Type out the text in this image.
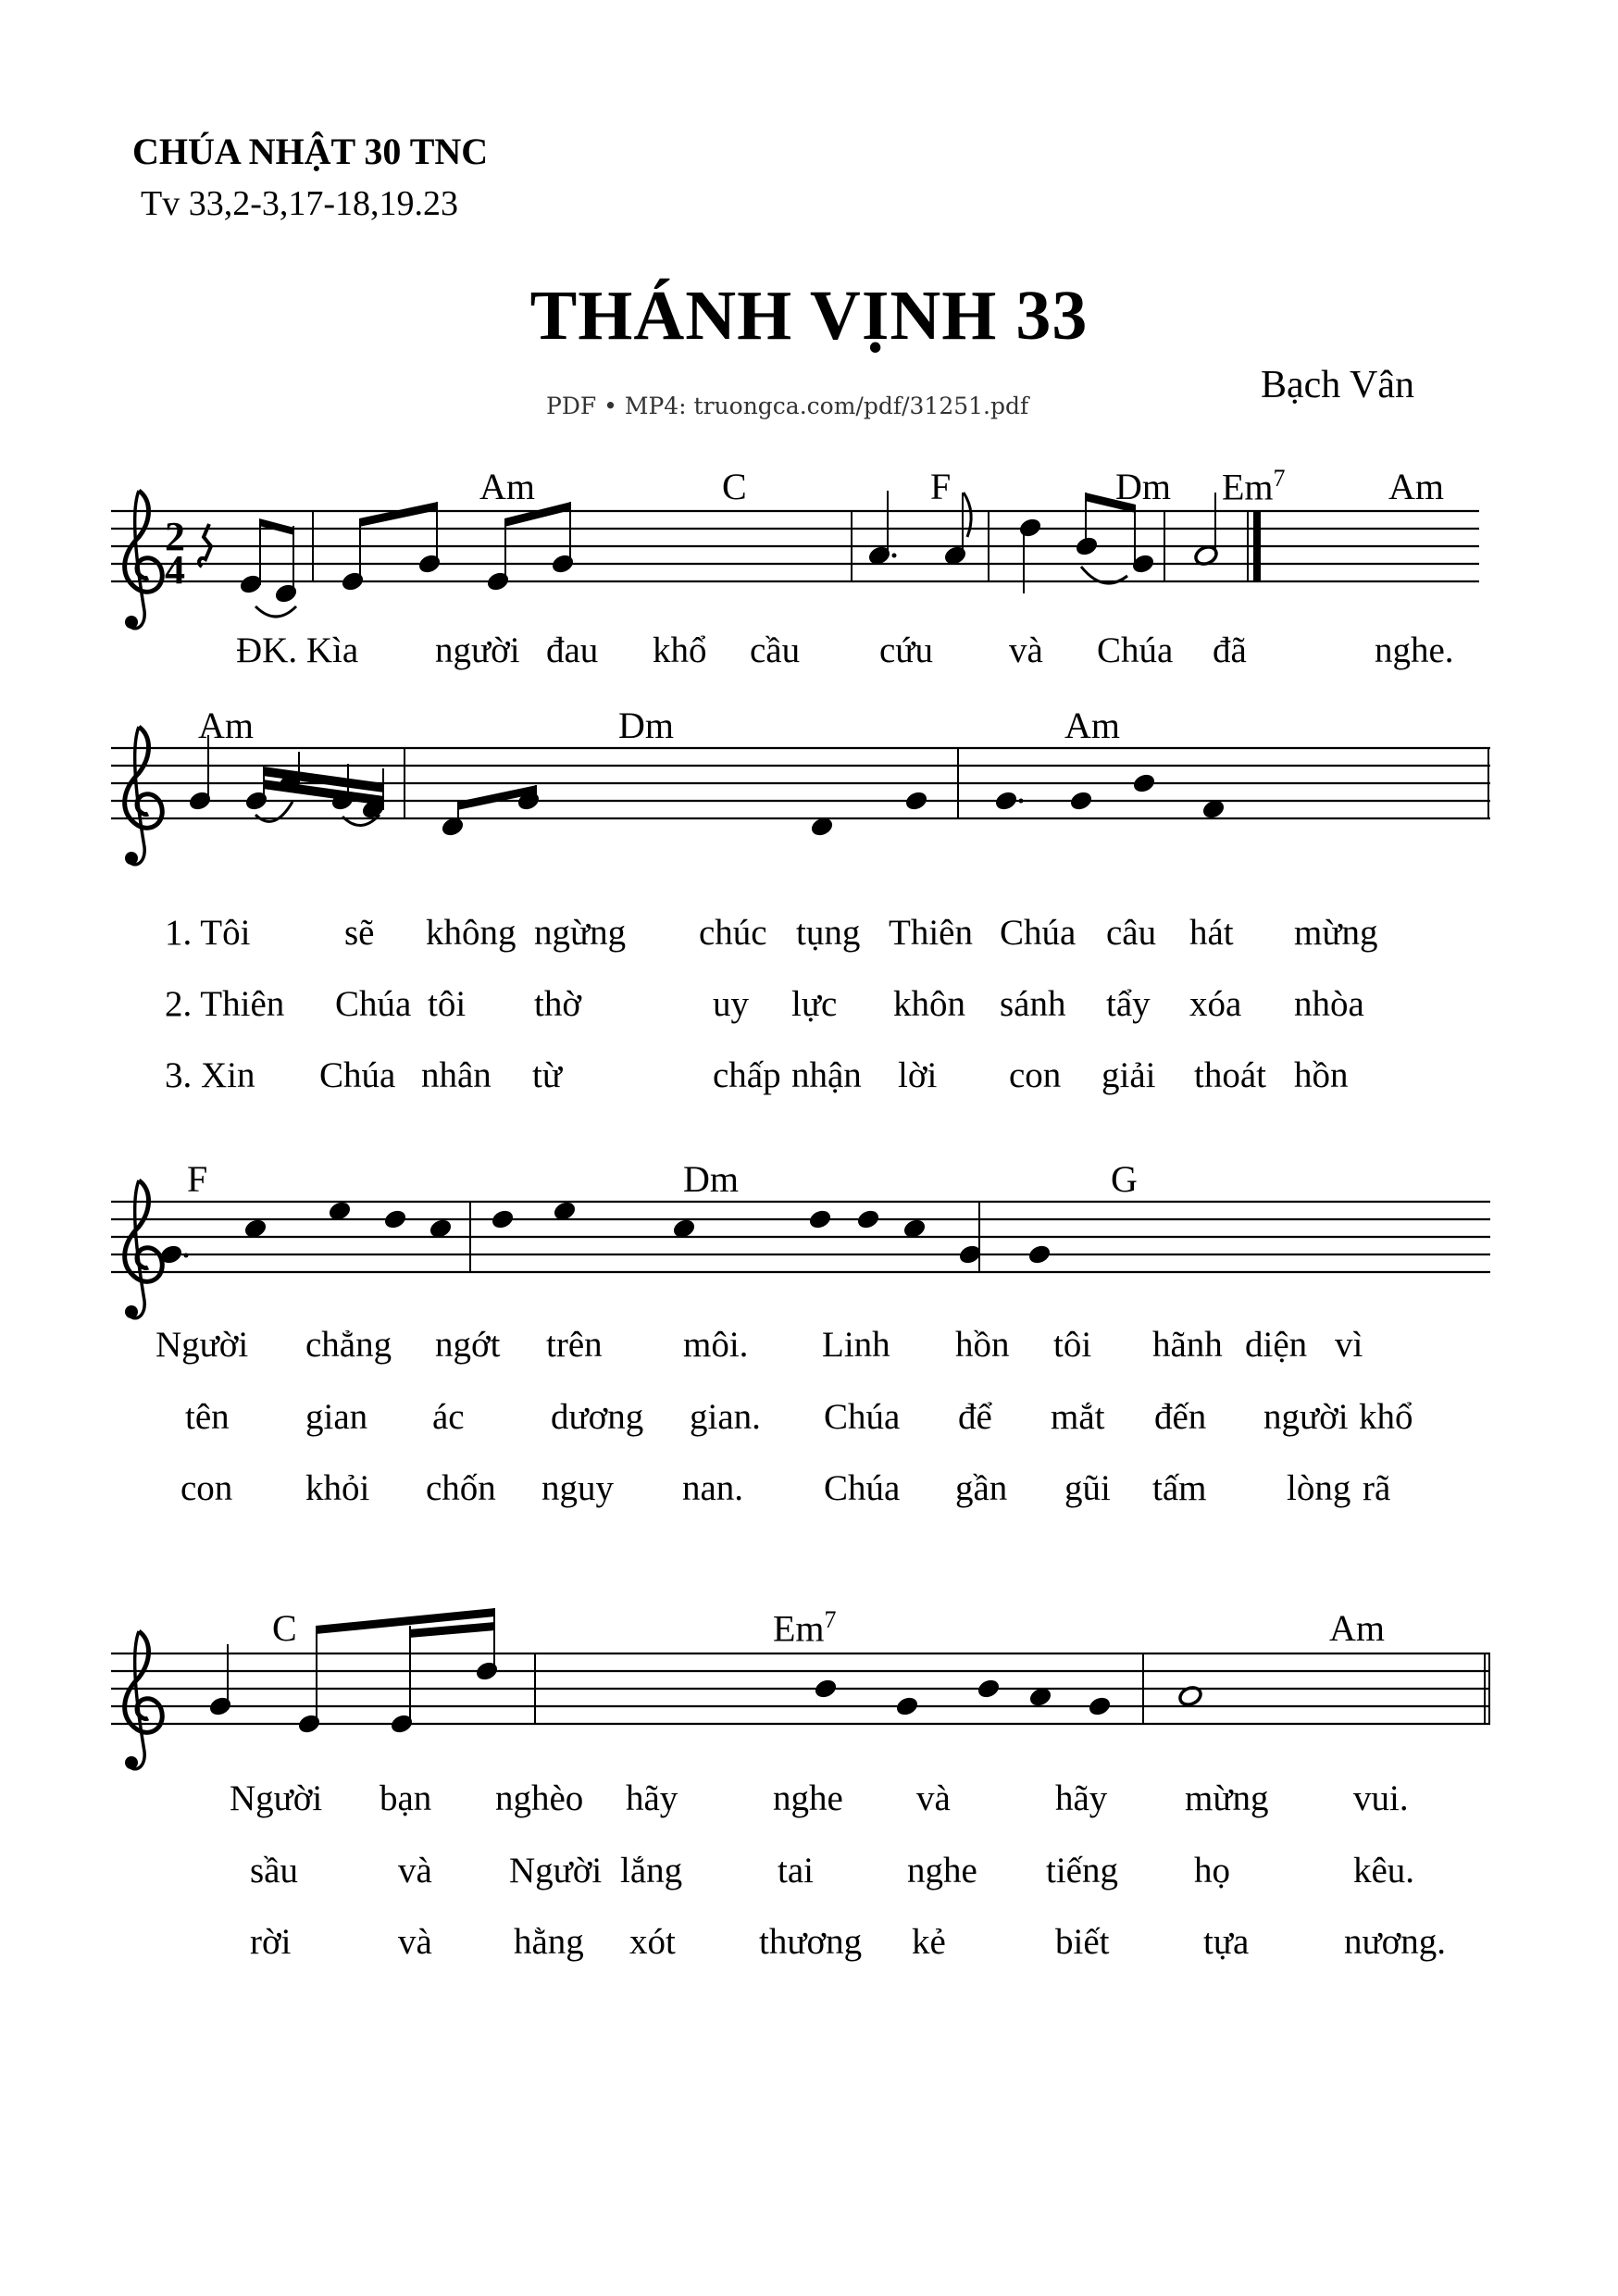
CHÚA NHẬT 30 TNC
Tv 33,2-3,17-18,19.23
THÁNH VỊNH 33
PDF • MP4: truongca.com/pdf/31251.pdf	Bạch Vân
2
4
Am	C	F	Dm Em$^7$	Am
Am	Dm	Am
F	Dm	G
C	Em$^7$	Am
ĐK. Kìa người đau khổ cầu cứu và Chúa đã	nghe.
1. Tôi	sẽ không ngừng chúc tụng Thiên Chúa câu hát mừng
2. Thiên Chúa tôi thờ	uy lực khôn sánh tẩy xóa nhòa
3. Xin Chúa nhân từ	chấp nhận lời con giải thoát hồn
Người chẳng ngớt trên môi. Linh hồn tôi hãnh diện vì
tên gian ác dương gian. Chúa để mắt đến người khổ
con khỏi chốn nguy nan. Chúa gần gũi tấm lòng rã
Người bạn nghèo hãy	nghe và	hãy mừng vui.
sầu	và Người lắng	tai	nghe tiếng họ	kêu.
rời	và hằng xót thương kẻ	biết	tựa	nương.
